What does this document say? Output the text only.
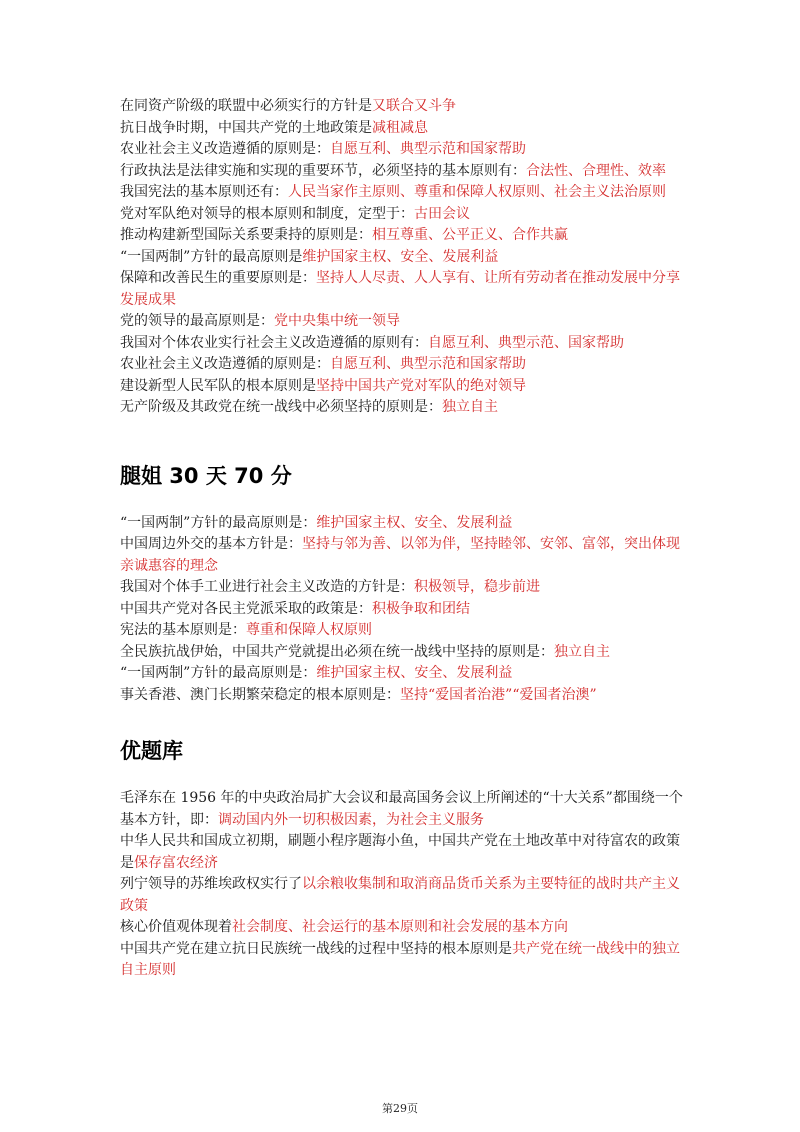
在同资产阶级的联盟中必须实行的方针是又联合又斗争

抗日战争时期，中国共产党的土地政策是减租减息

农业社会主义改造遵循的原则是：自愿互利、典型示范和国家帮助

行政执法是法律实施和实现的重要环节，必须坚持的基本原则有：合法性、合理性、效率

我国宪法的基本原则还有：人民当家作主原则、尊重和保障人权原则、社会主义法治原则

党对军队绝对领导的根本原则和制度，定型于：古田会议

推动构建新型国际关系要秉持的原则是：相互尊重、公平正义、合作共赢

“一国两制”方针的最高原则是维护国家主权、安全、发展利益

保障和改善民生的重要原则是：坚持人人尽责、人人享有、让所有劳动者在推动发展中分享发展成果

党的领导的最高原则是：党中央集中统一领导

我国对个体农业实行社会主义改造遵循的原则有：自愿互利、典型示范、国家帮助

农业社会主义改造遵循的原则是：自愿互利、典型示范和国家帮助

建设新型人民军队的根本原则是坚持中国共产党对军队的绝对领导

无产阶级及其政党在统一战线中必须坚持的原则是：独立自主

腿姐 30 天 70 分

“一国两制”方针的最高原则是：维护国家主权、安全、发展利益

中国周边外交的基本方针是：坚持与邻为善、以邻为伴，坚持睦邻、安邻、富邻，突出体现亲诚惠容的理念

我国对个体手工业进行社会主义改造的方针是：积极领导，稳步前进

中国共产党对各民主党派采取的政策是：积极争取和团结

宪法的基本原则是：尊重和保障人权原则

全民族抗战伊始，中国共产党就提出必须在统一战线中坚持的原则是：独立自主

“一国两制”方针的最高原则是：维护国家主权、安全、发展利益

事关香港、澳门长期繁荣稳定的根本原则是：坚持“爱国者治港”“爱国者治澳”

优题库

毛泽东在 1956 年的中央政治局扩大会议和最高国务会议上所阐述的“十大关系”都围绕一个基本方针，即：调动国内外一切积极因素，为社会主义服务

中华人民共和国成立初期，刷题小程序题海小鱼，中国共产党在土地改革中对待富农的政策是保存富农经济

列宁领导的苏维埃政权实行了以余粮收集制和取消商品货币关系为主要特征的战时共产主义政策

核心价值观体现着社会制度、社会运行的基本原则和社会发展的基本方向

中国共产党在建立抗日民族统一战线的过程中坚持的根本原则是共产党在统一战线中的独立自主原则

第29页
